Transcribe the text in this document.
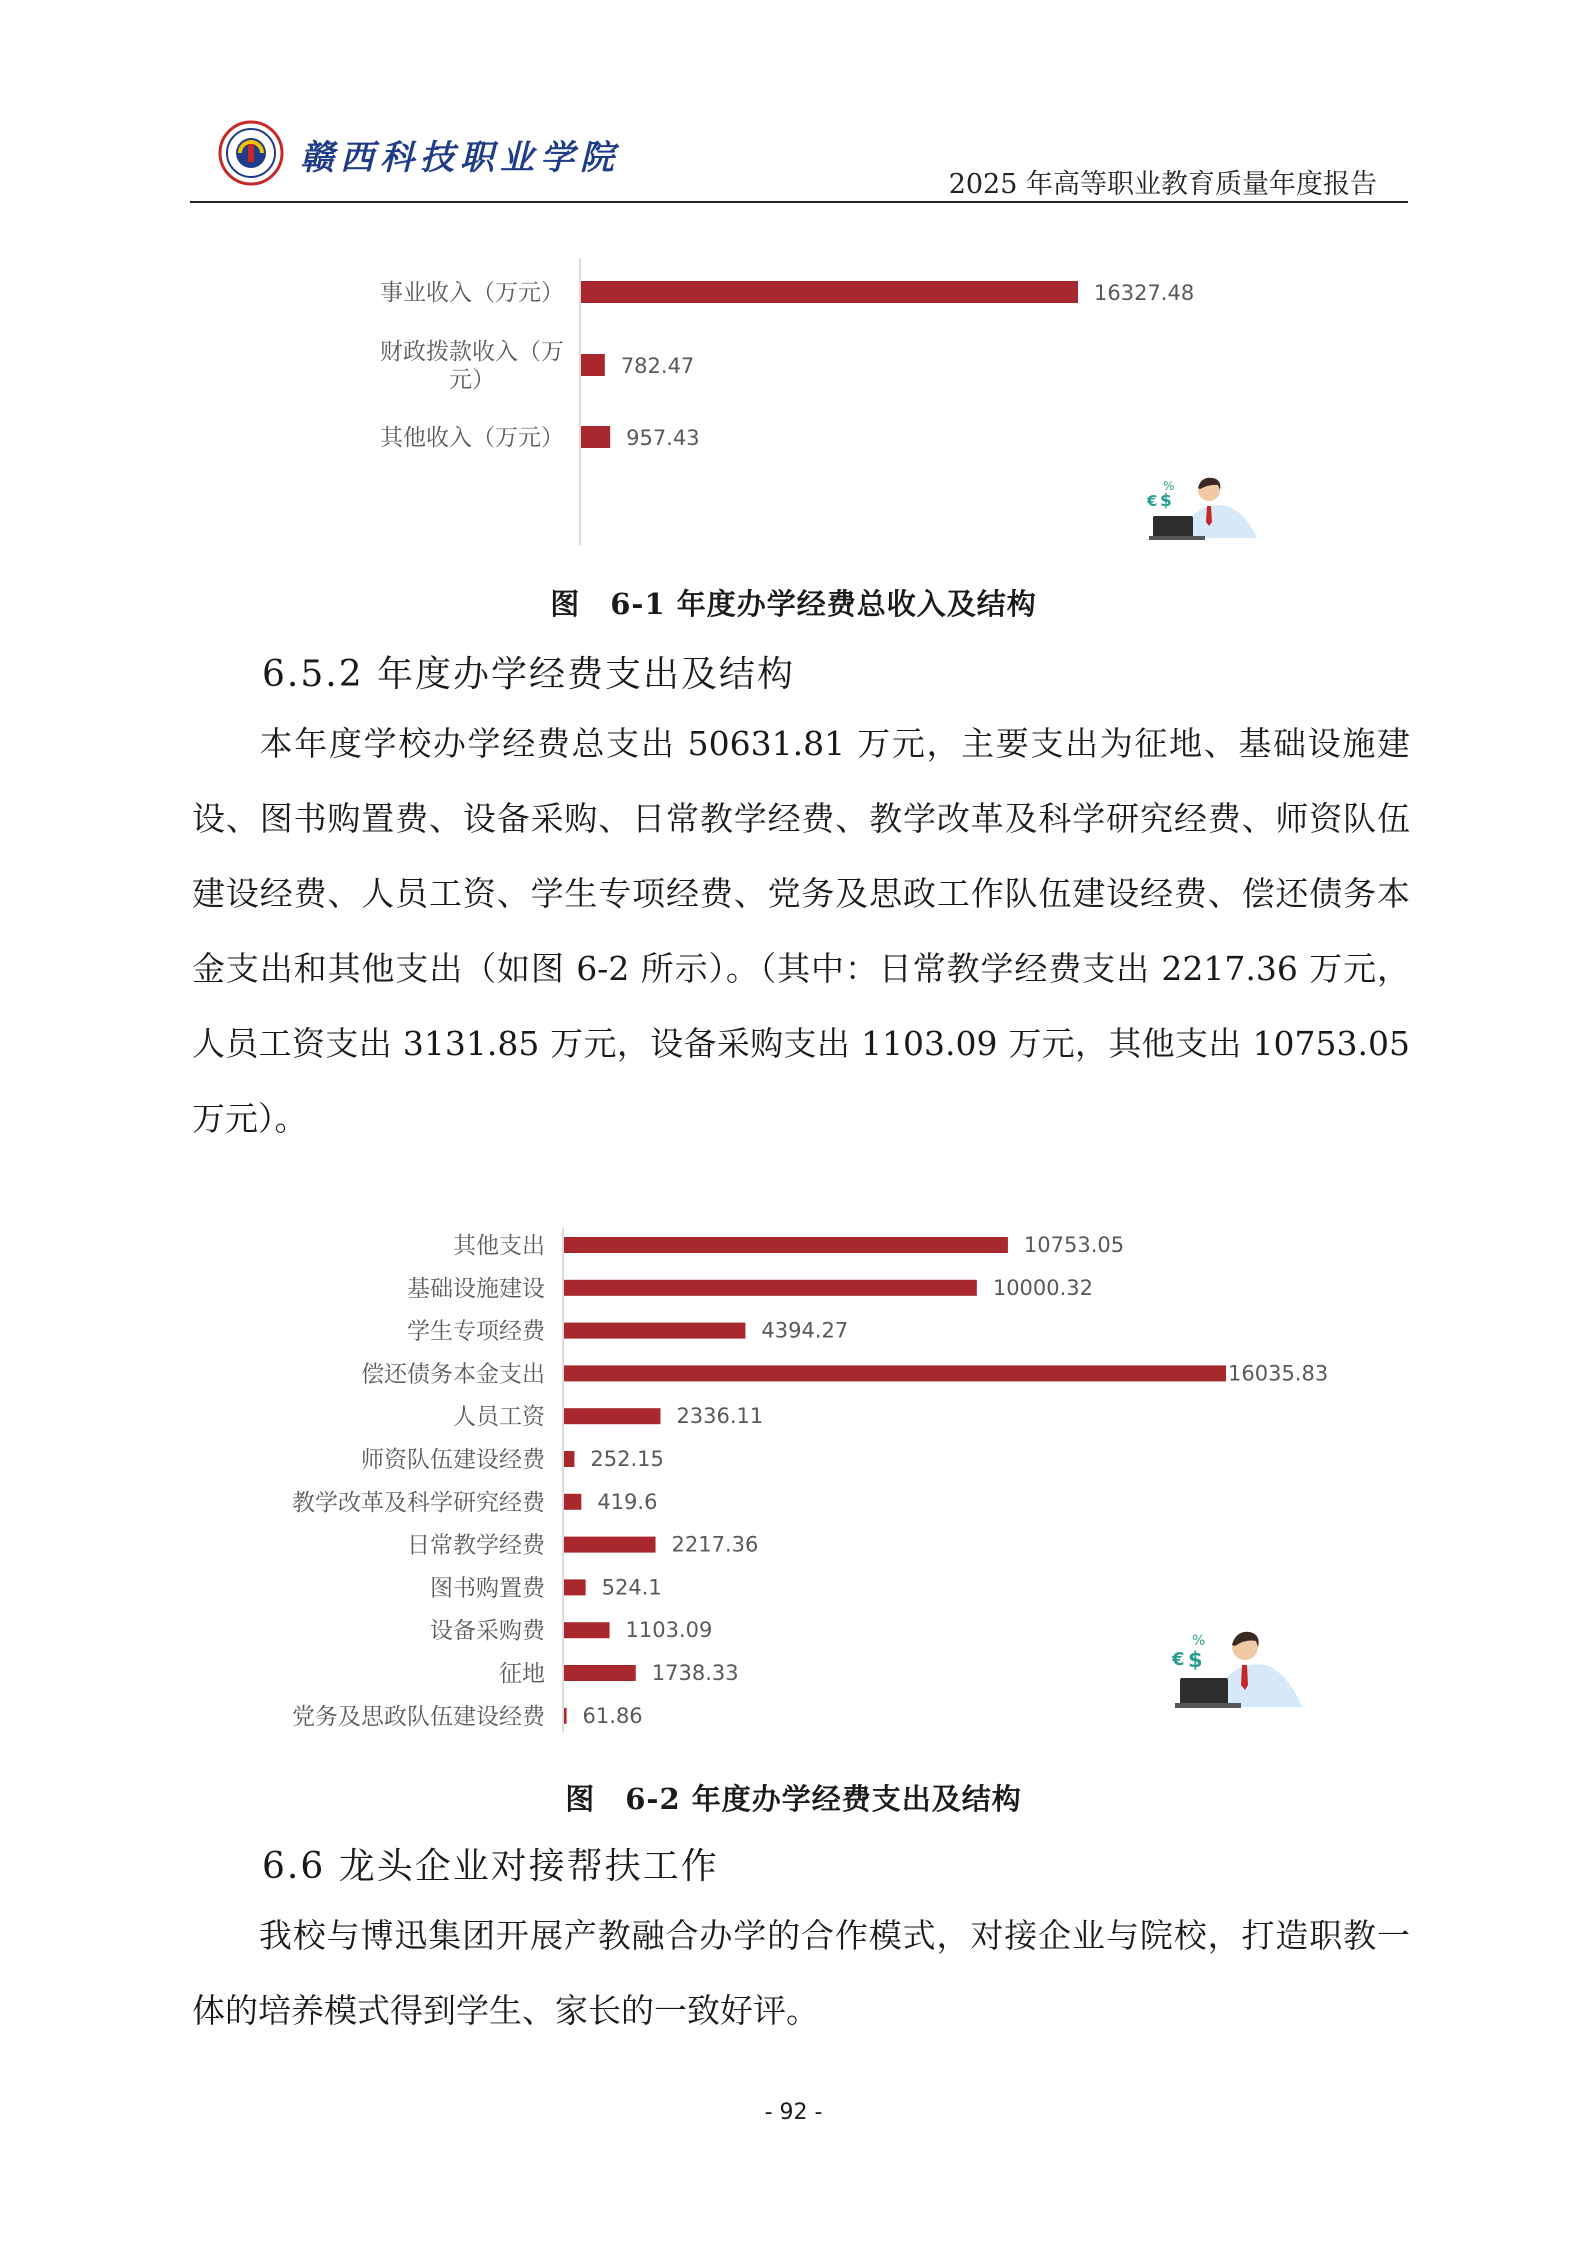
赣西科技职业学院
2025 年高等职业教育质量年度报告
16327.48
事业收入（万元）
782.47
财政拨款收入（万
元）
957.43
其他收入（万元）
%
€ $
图　6-1 年度办学经费总收入及结构
6.5.2 年度办学经费支出及结构
本年度学校办学经费总支出 50631.81 万元，主要支出为征地、基础设施建设、图书购置费、设备采购、日常教学经费、教学改革及科学研究经费、师资队伍建设经费、人员工资、学生专项经费、党务及思政工作队伍建设经费、偿还债务本金支出和其他支出（如图 6-2 所示）。（其中：日常教学经费支出 2217.36 万元，人员工资支出 3131.85 万元，设备采购支出 1103.09 万元，其他支出 10753.05 万元）。
10753.05
其他支出
10000.32
基础设施建设
4394.27
学生专项经费
16035.83
偿还债务本金支出
2336.11
人员工资
252.15
师资队伍建设经费
419.6
教学改革及科学研究经费
2217.36
日常教学经费
524.1
图书购置费
1103.09
设备采购费
1738.33
征地
61.86
党务及思政队伍建设经费
%
€ $
图　6-2 年度办学经费支出及结构
6.6 龙头企业对接帮扶工作
我校与博迅集团开展产教融合办学的合作模式，对接企业与院校，打造职教一体的培养模式得到学生、家长的一致好评。
- 92 -
